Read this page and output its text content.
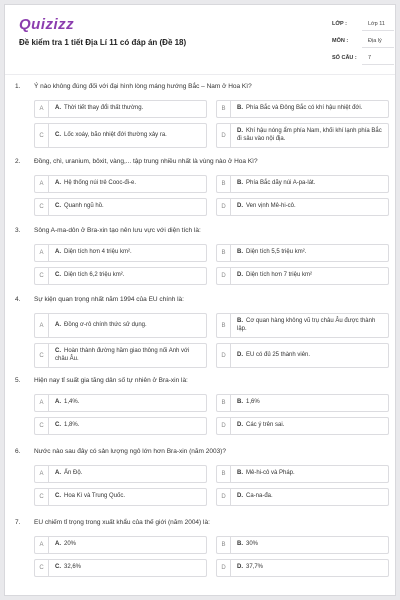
Quizizz
Đề kiểm tra 1 tiết Địa Lí 11 có đáp án (Đề 18)
LỚP :	Lớp 11
MÔN :	Địa lý
SỐ CÂU :	7
1. Ý nào không đúng đối với đại hình lòng máng hướng Bắc – Nam ở Hoa Kì?
A	A. Thời tiết thay đổi thất thường.	B	B. Phía Bắc và Đông Bắc có khí hậu nhiệt đới.
C	C. Lốc xoáy, bão nhiệt đới thường xảy ra.	D
D. Khí hậu nóng ẩm phía Nam, khối khí lạnh phía Bắc đi sâu vào nội địa.
2. Đồng, chì, uranium, bôxit, vàng,... tập trung nhiều nhất là vùng nào ở Hoa Kì?
A	A. Hệ thống núi trẻ Cooc-đi-e.	B	B. Phía Bắc dãy núi A-pa-lát.
C	C. Quanh ngũ hồ.	D	D. Ven vịnh Mê-hi-cô.
3. Sông A-ma-dôn ở Bra-xin tạo nên lưu vực với diện tích là:
A	A. Diện tích hơn 4 triệu km².	B	B. Diện tích 5,5 triệu km².
C	C. Diện tích 6,2 triệu km².	D	D. Diện tích hơn 7 triệu km²
4. Sự kiện quan trọng nhất năm 1994 của EU chính là:
A	A. Đồng ơ-rô chính thức sử dụng.	B
B. Cơ quan hàng không vũ trụ châu Âu được thành lập.
C
C. Hoàn thành đường hầm giao thông nối Anh với châu Âu.	D	D. EU có đủ 25 thành viên.
5. Hiện nay tỉ suất gia tăng dân số tự nhiên ở Bra-xin là:
A	A. 1,4%.	B	B. 1,6%
C	C. 1,8%.	D	D. Các ý trên sai.
6. Nước nào sau đây có sản lượng ngô lớn hơn Bra-xin (năm 2003)?
A	A. Ấn Độ.	B	B. Mê-hi-cô và Pháp.
C	C. Hoa Kì và Trung Quốc.	D	D. Ca-na-đa.
7. EU chiếm tỉ trọng trong xuất khẩu của thế giới (năm 2004) là:
A	A. 20%	B	B. 30%
C	C. 32,6%	D	D. 37,7%
